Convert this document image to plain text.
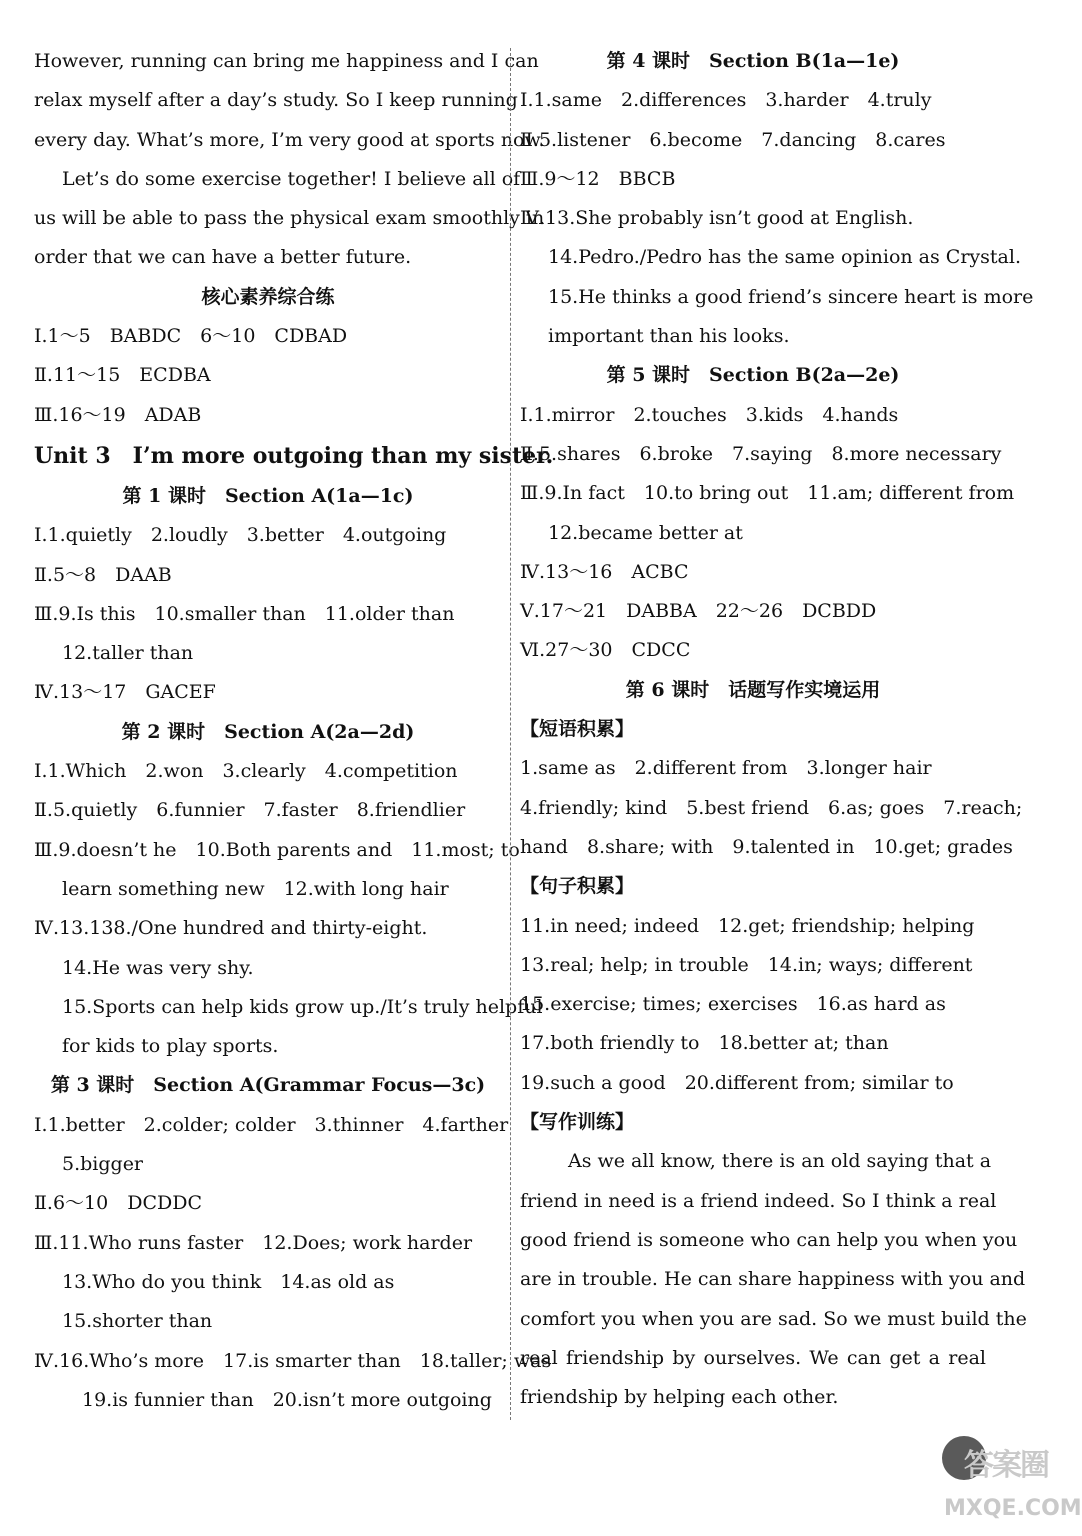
However, running can bring me happiness and I can
relax myself after a day’s study. So I keep running
every day. What’s more, I’m very good at sports now.
Let’s do some exercise together! I believe all of
us will be able to pass the physical exam smoothly in
order that we can have a better future.
核心素养综合练
Ⅰ.1～5　BABDC　6～10　CDBAD
Ⅱ.11～15　ECDBA
Ⅲ.16～19　ADAB
Unit 3　I’m more outgoing than my sister.
第 1 课时　Section A(1a—1c)
Ⅰ.1.quietly　2.loudly　3.better　4.outgoing
Ⅱ.5～8　DAAB
Ⅲ.9.Is this　10.smaller than　11.older than
12.taller than
Ⅳ.13～17　GACEF
第 2 课时　Section A(2a—2d)
Ⅰ.1.Which　2.won　3.clearly　4.competition
Ⅱ.5.quietly　6.funnier　7.faster　8.friendlier
Ⅲ.9.doesn’t he　10.Both parents and　11.most; to
learn something new　12.with long hair
Ⅳ.13.138./One hundred and thirty-eight.
14.He was very shy.
15.Sports can help kids grow up./It’s truly helpful
for kids to play sports.
第 3 课时　Section A(Grammar Focus—3c)
Ⅰ.1.better　2.colder; colder　3.thinner　4.farther
5.bigger
Ⅱ.6～10　DCDDC
Ⅲ.11.Who runs faster　12.Does; work harder
13.Who do you think　14.as old as
15.shorter than
Ⅳ.16.Who’s more　17.is smarter than　18.taller; was
19.is funnier than　20.isn’t more outgoing
第 4 课时　Section B(1a—1e)
Ⅰ.1.same　2.differences　3.harder　4.truly
Ⅱ.5.listener　6.become　7.dancing　8.cares
Ⅲ.9～12　BBCB
Ⅳ.13.She probably isn’t good at English.
14.Pedro./Pedro has the same opinion as Crystal.
15.He thinks a good friend’s sincere heart is more
important than his looks.
第 5 课时　Section B(2a—2e)
Ⅰ.1.mirror　2.touches　3.kids　4.hands
Ⅱ.5.shares　6.broke　7.saying　8.more necessary
Ⅲ.9.In fact　10.to bring out　11.am; different from
12.became better at
Ⅳ.13～16　ACBC
Ⅴ.17～21　DABBA　22～26　DCBDD
Ⅵ.27～30　CDCC
第 6 课时　话题写作实境运用
【短语积累】
1.same as　2.different from　3.longer hair
4.friendly; kind　5.best friend　6.as; goes　7.reach;
hand　8.share; with　9.talented in　10.get; grades
【句子积累】
11.in need; indeed　12.get; friendship; helping
13.real; help; in trouble　14.in; ways; different
15.exercise; times; exercises　16.as hard as
17.both friendly to　18.better at; than
19.such a good　20.different from; similar to
【写作训练】
As we all know, there is an old saying that a
friend in need is a friend indeed. So I think a real
good friend is someone who can help you when you
are in trouble. He can share happiness with you and
comfort you when you are sad. So we must build the
real friendship by ourselves. We can get a real
friendship by helping each other.
答案圈
MXQE.COM
